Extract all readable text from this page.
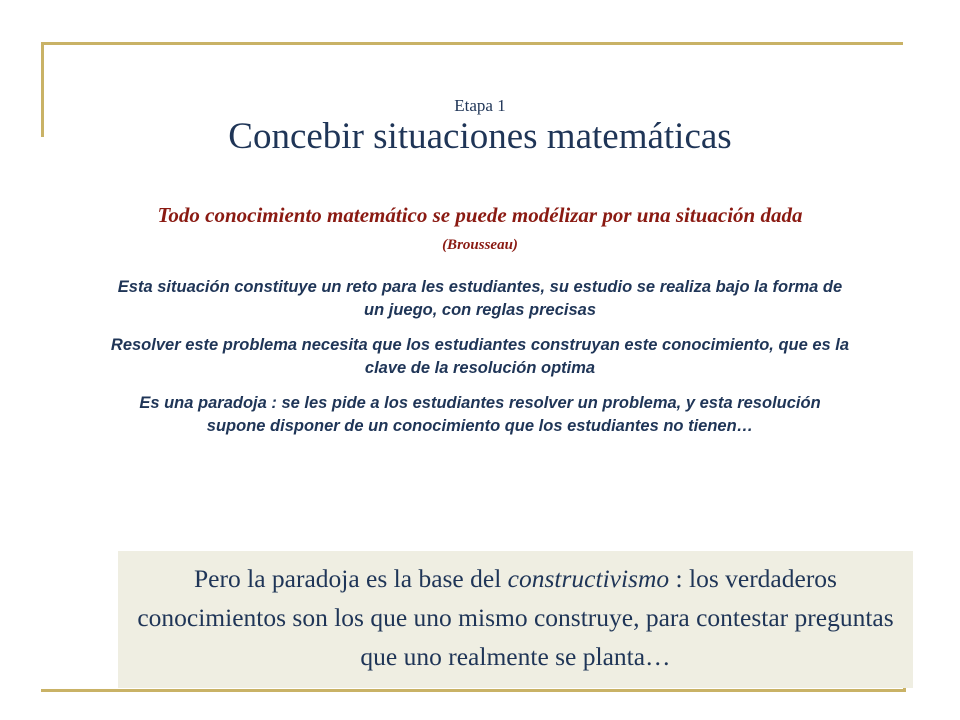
Etapa 1
Concebir situaciones matemáticas
Todo conocimiento matemático se puede modélizar por una situación dada (Brousseau)

Esta situación constituye un reto para les estudiantes, su estudio se realiza bajo la forma de un juego, con reglas precisas

Resolver este problema necesita que los estudiantes construyan este conocimiento, que es la clave de la resolución optima

Es una paradoja : se les pide a los estudiantes resolver un problema, y esta resolución supone disponer de un conocimiento que los estudiantes no tienen…

Pero la paradoja es la base del constructivismo : los verdaderos conocimientos son los que uno mismo construye, para contestar preguntas que uno realmente se planta…
